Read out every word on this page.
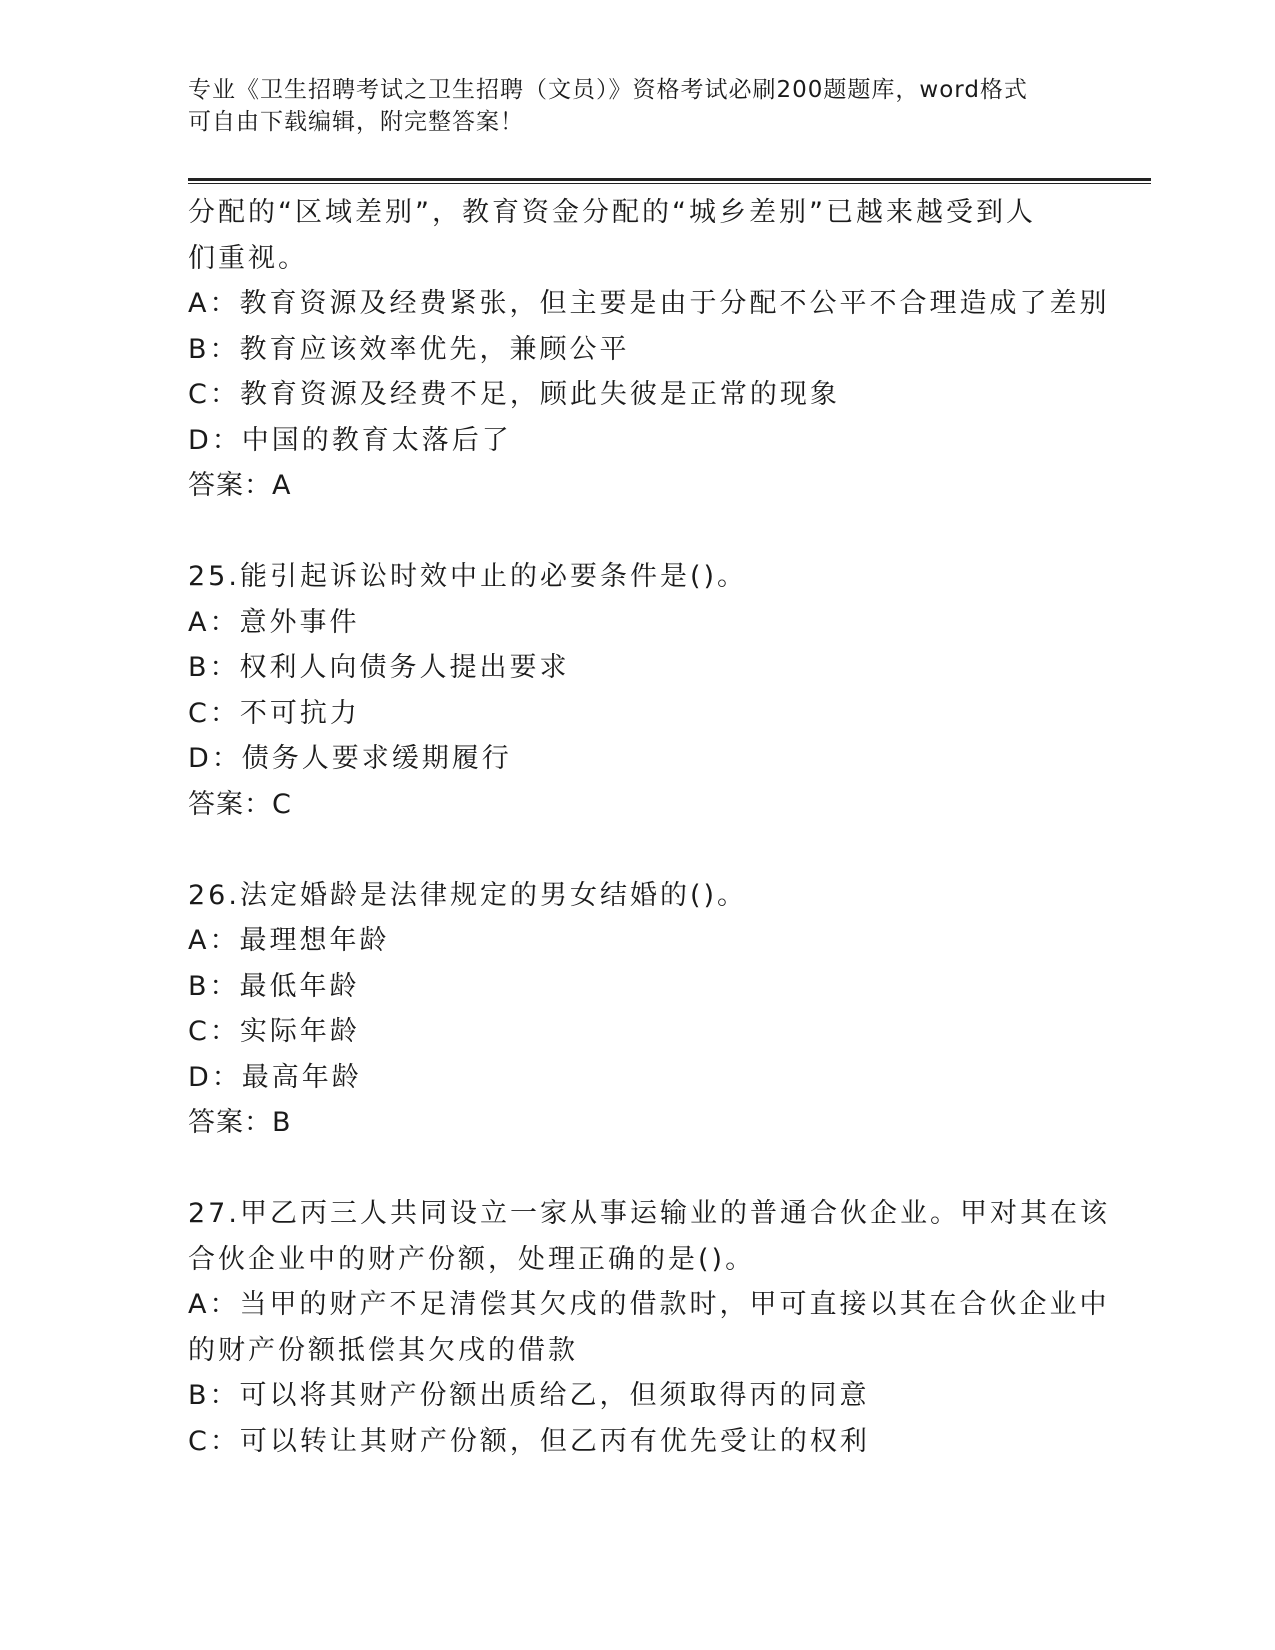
专业《卫生招聘考试之卫生招聘（文员）》资格考试必刷200题题库，word格式
可自由下载编辑，附完整答案！
分配的“区域差别”，教育资金分配的“城乡差别”已越来越受到人
们重视。
A：教育资源及经费紧张，但主要是由于分配不公平不合理造成了差别
B：教育应该效率优先，兼顾公平
C：教育资源及经费不足，顾此失彼是正常的现象
D：中国的教育太落后了
答案：A
25.能引起诉讼时效中止的必要条件是()。
A：意外事件
B：权利人向债务人提出要求
C：不可抗力
D：债务人要求缓期履行
答案：C
26.法定婚龄是法律规定的男女结婚的()。
A：最理想年龄
B：最低年龄
C：实际年龄
D：最高年龄
答案：B
27.甲乙丙三人共同设立一家从事运输业的普通合伙企业。甲对其在该
合伙企业中的财产份额，处理正确的是()。
A：当甲的财产不足清偿其欠戌的借款时，甲可直接以其在合伙企业中
的财产份额抵偿其欠戌的借款
B：可以将其财产份额出质给乙，但须取得丙的同意
C：可以转让其财产份额，但乙丙有优先受让的权利
